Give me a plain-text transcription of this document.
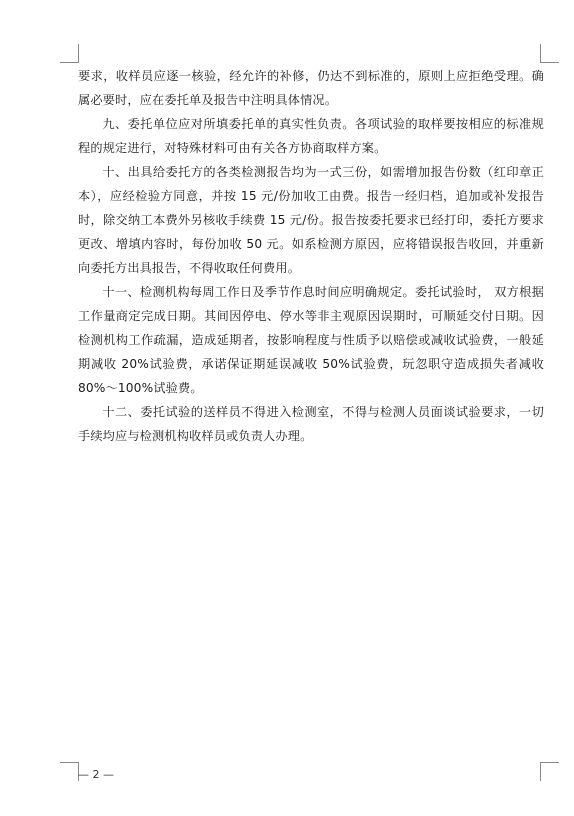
要求，收样员应逐一核验，经允许的补修，仍达不到标准的，原则上应拒绝受理。确属必要时，应在委托单及报告中注明具体情况。

九、委托单位应对所填委托单的真实性负责。各项试验的取样要按相应的标准规程的规定进行，对特殊材料可由有关各方协商取样方案。

十、出具给委托方的各类检测报告均为一式三份，如需增加报告份数（红印章正本），应经检验方同意，并按 15 元/份加收工由费。报告一经归档，追加或补发报告时，除交纳工本费外另核收手续费 15 元/份。报告按委托要求已经打印，委托方要求更改、增填内容时，每份加收 50 元。如系检测方原因，应将错误报告收回，并重新向委托方出具报告，不得收取任何费用。

十一、检测机构每周工作日及季节作息时间应明确规定。委托试验时， 双方根据工作量商定完成日期。其间因停电、停水等非主观原因误期时，可顺延交付日期。因检测机构工作疏漏，造成延期者，按影响程度与性质予以赔偿或减收试验费，一般延期减收 20%试验费，承诺保证期延误减收 50%试验费，玩忽职守造成损失者减收 80%～100%试验费。

十二、委托试验的送样员不得进入检测室，不得与检测人员面谈试验要求，一切手续均应与检测机构收样员或负责人办理。

— 2 —
